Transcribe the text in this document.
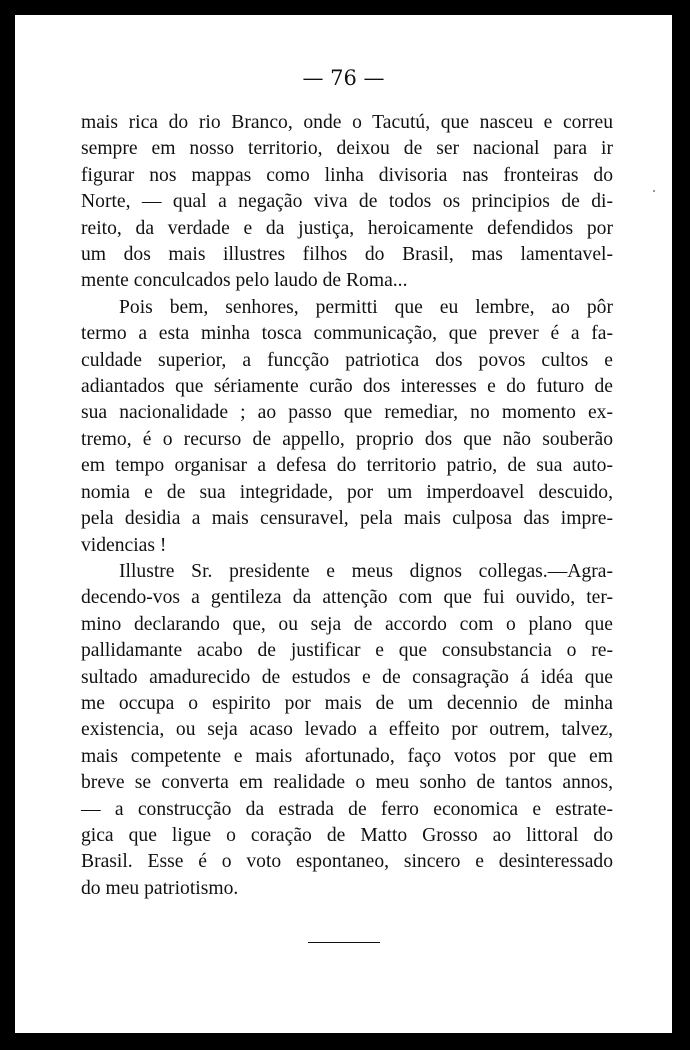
— 76 —
mais rica do rio Branco, onde o Tacutú, que nasceu e correu
sempre em nosso territorio, deixou de ser nacional para ir
figurar nos mappas como linha divisoria nas fronteiras do
Norte, — qual a negação viva de todos os principios de di-
reito, da verdade e da justiça, heroicamente defendidos por
um dos mais illustres filhos do Brasil, mas lamentavel-
mente conculcados pelo laudo de Roma...
Pois bem, senhores, permitti que eu lembre, ao pôr
termo a esta minha tosca communicação, que prever é a fa-
culdade superior, a funcção patriotica dos povos cultos e
adiantados que sériamente curão dos interesses e do futuro de
sua nacionalidade ; ao passo que remediar, no momento ex-
tremo, é o recurso de appello, proprio dos que não souberão
em tempo organisar a defesa do territorio patrio, de sua auto-
nomia e de sua integridade, por um imperdoavel descuido,
pela desidia a mais censuravel, pela mais culposa das impre-
videncias !
Illustre Sr. presidente e meus dignos collegas.—Agra-
decendo-vos a gentileza da attenção com que fui ouvido, ter-
mino declarando que, ou seja de accordo com o plano que
pallidamante acabo de justificar e que consubstancia o re-
sultado amadurecido de estudos e de consagração á idéa que
me occupa o espirito por mais de um decennio de minha
existencia, ou seja acaso levado a effeito por outrem, talvez,
mais competente e mais afortunado, faço votos por que em
breve se converta em realidade o meu sonho de tantos annos,
— a construcção da estrada de ferro economica e estrate-
gica que ligue o coração de Matto Grosso ao littoral do
Brasil. Esse é o voto espontaneo, sincero e desinteressado
do meu patriotismo.
